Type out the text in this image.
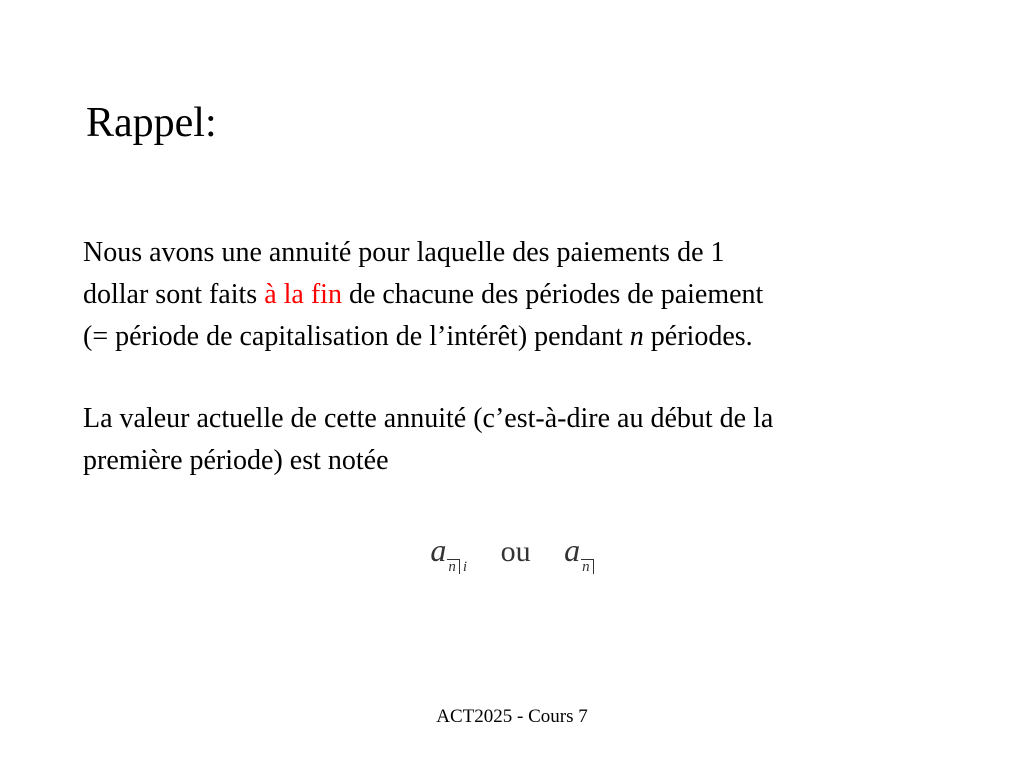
Rappel:

Nous avons une annuité pour laquelle des paiements de 1
dollar sont faits à la fin de chacune des périodes de paiement
(= période de capitalisation de l’intérêt) pendant n périodes.

La valeur actuelle de cette annuité (c’est-à-dire au début de la
première période) est notée

a n i ou a n
ACT2025 - Cours 7
